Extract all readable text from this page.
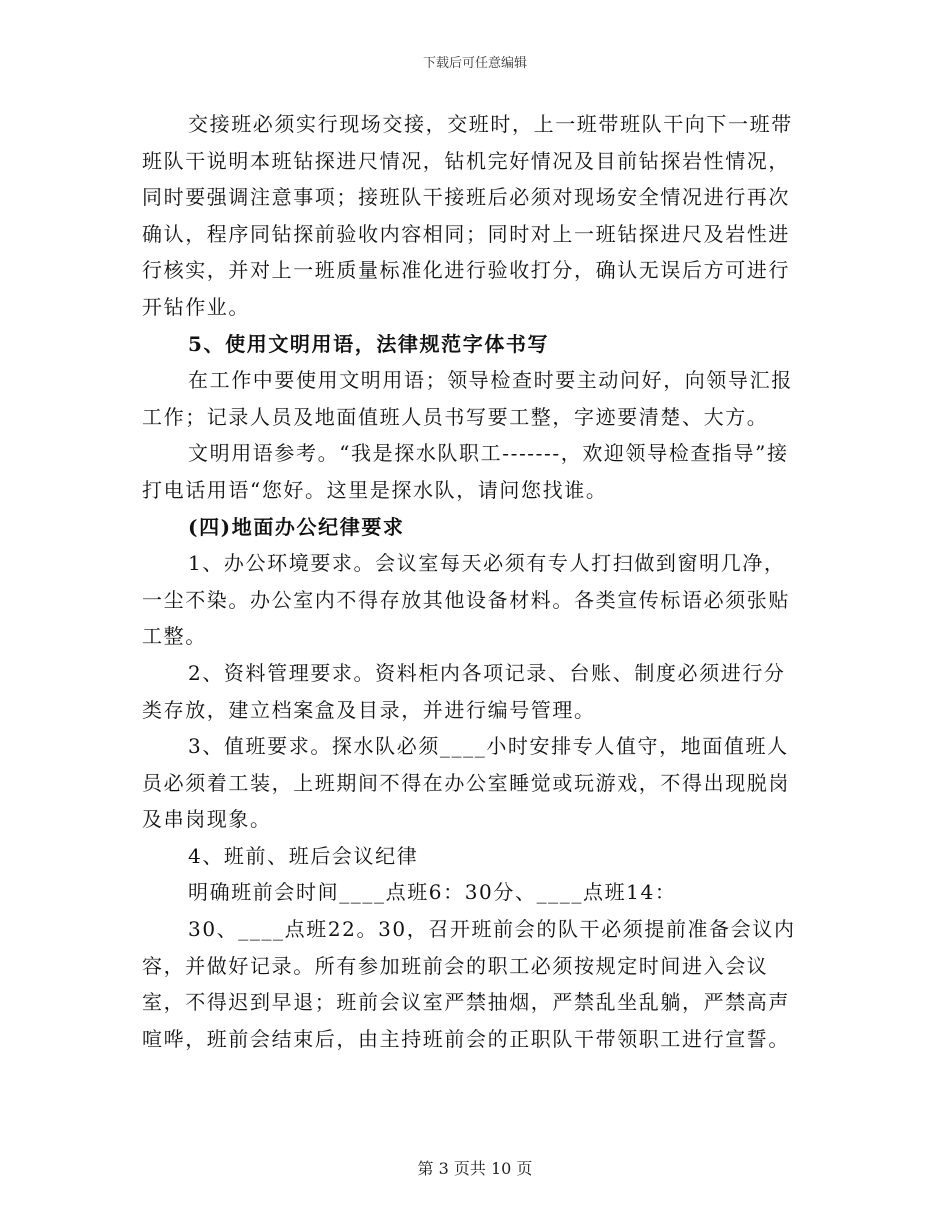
下载后可任意编辑

交接班必须实行现场交接，交班时，上一班带班队干向下一班带班队干说明本班钻探进尺情况，钻机完好情况及目前钻探岩性情况，同时要强调注意事项；接班队干接班后必须对现场安全情况进行再次确认，程序同钻探前验收内容相同；同时对上一班钻探进尺及岩性进行核实，并对上一班质量标准化进行验收打分，确认无误后方可进行开钻作业。

5、使用文明用语，法律规范字体书写

在工作中要使用文明用语；领导检查时要主动问好，向领导汇报工作；记录人员及地面值班人员书写要工整，字迹要清楚、大方。

文明用语参考。“我是探水队职工-------，欢迎领导检查指导”接打电话用语“您好。这里是探水队，请问您找谁。

(四)地面办公纪律要求

1、办公环境要求。会议室每天必须有专人打扫做到窗明几净，一尘不染。办公室内不得存放其他设备材料。各类宣传标语必须张贴工整。

2、资料管理要求。资料柜内各项记录、台账、制度必须进行分类存放，建立档案盒及目录，并进行编号管理。

3、值班要求。探水队必须____小时安排专人值守，地面值班人员必须着工装，上班期间不得在办公室睡觉或玩游戏，不得出现脱岗及串岗现象。

4、班前、班后会议纪律

明确班前会时间____点班6：30分、____点班14：

30、____点班22。30，召开班前会的队干必须提前准备会议内容，并做好记录。所有参加班前会的职工必须按规定时间进入会议室，不得迟到早退；班前会议室严禁抽烟，严禁乱坐乱躺，严禁高声喧哗，班前会结束后，由主持班前会的正职队干带领职工进行宣誓。

第 3 页共 10 页
